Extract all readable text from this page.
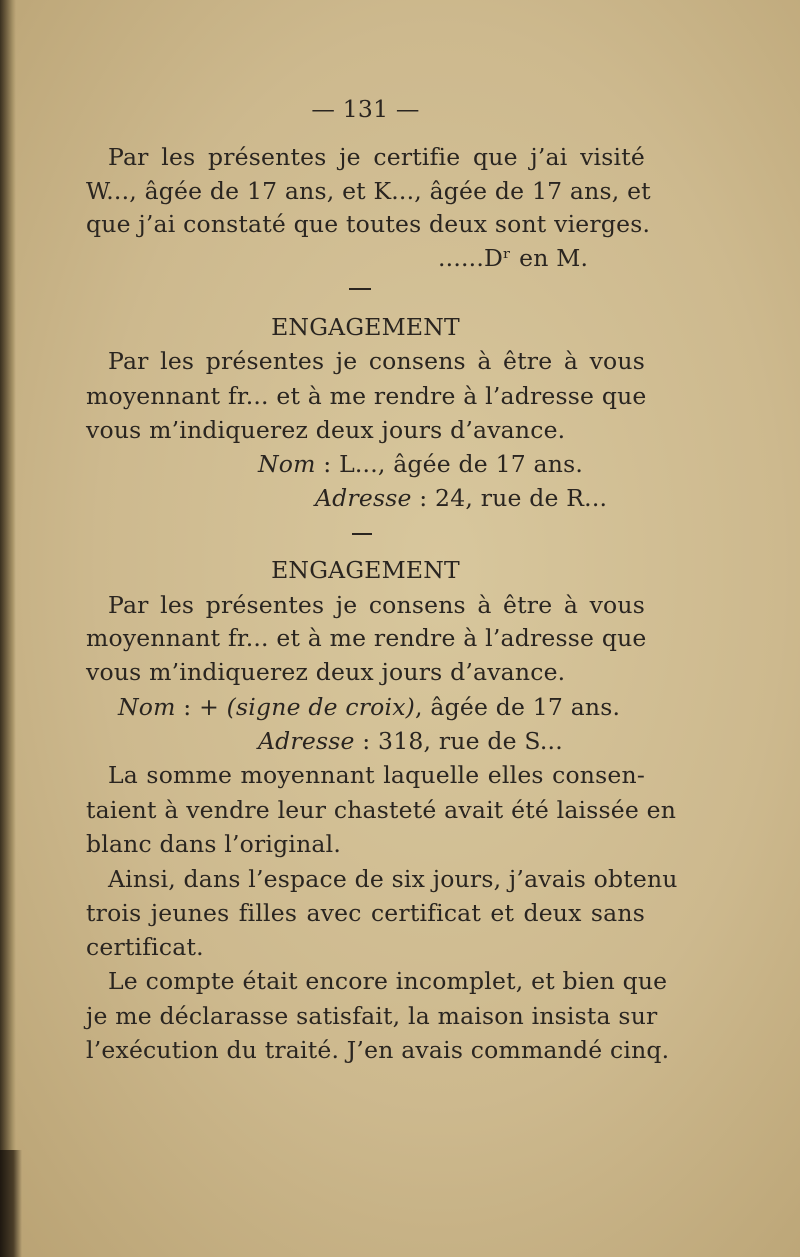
— 131 —
Par les présentes je certifie que j’ai visité
W..., âgée de 17 ans, et K..., âgée de 17 ans, et
que j’ai constaté que toutes deux sont vierges.
......Dʳ en M.
ENGAGEMENT
Par les présentes je consens à être à vous
moyennant fr... et à me rendre à l’adresse que
vous m’indiquerez deux jours d’avance.
Nom : L..., âgée de 17 ans.
Adresse : 24, rue de R...
ENGAGEMENT
Par les présentes je consens à être à vous
moyennant fr... et à me rendre à l’adresse que
vous m’indiquerez deux jours d’avance.
Nom : + (signe de croix), âgée de 17 ans.
Adresse : 318, rue de S...
La somme moyennant laquelle elles consen-
taient à vendre leur chasteté avait été laissée en
blanc dans l’original.
Ainsi, dans l’espace de six jours, j’avais obtenu
trois jeunes filles avec certificat et deux sans
certificat.
Le compte était encore incomplet, et bien que
je me déclarasse satisfait, la maison insista sur
l’exécution du traité. J’en avais commandé cinq.
